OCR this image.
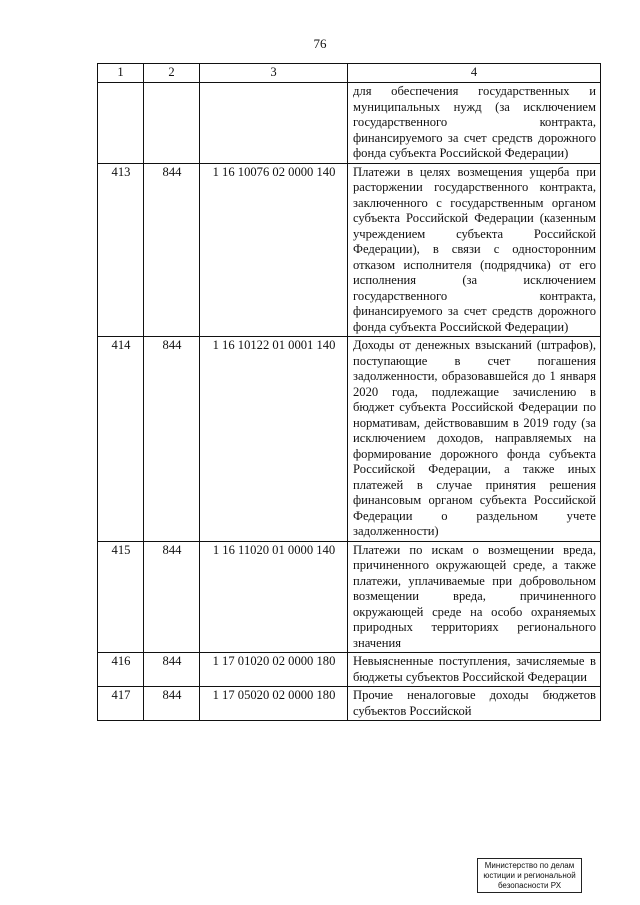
76
1	2	3	4
			для обеспечения государственных и муниципальных нужд (за исключением государственного контракта, финансируемого за счет средств дорожного фонда субъекта Российской Федерации)
413	844	1 16 10076 02 0000 140	Платежи в целях возмещения ущерба при расторжении государственного контракта, заключенного с государственным органом субъекта Российской Федерации (казенным учреждением субъекта Российской Федерации), в связи с односторонним отказом исполнителя (подрядчика) от его исполнения (за исключением государственного контракта, финансируемого за счет средств дорожного фонда субъекта Российской Федерации)
414	844	1 16 10122 01 0001 140	Доходы от денежных взысканий (штрафов), поступающие в счет погашения задолженности, образовавшейся до 1 января 2020 года, подлежащие зачислению в бюджет субъекта Российской Федерации по нормативам, действовавшим в 2019 году (за исключением доходов, направляемых на формирование дорожного фонда субъекта Российской Федерации, а также иных платежей в случае принятия решения финансовым органом субъекта Российской Федерации о раздельном учете задолженности)
415	844	1 16 11020 01 0000 140	Платежи по искам о возмещении вреда, причиненного окружающей среде, а также платежи, уплачиваемые при добровольном возмещении вреда, причиненного окружающей среде на особо охраняемых природных территориях регионального значения
416	844	1 17 01020 02 0000 180	Невыясненные поступления, зачисляемые в бюджеты субъектов Российской Федерации
417	844	1 17 05020 02 0000 180	Прочие неналоговые доходы бюджетов субъектов Российской
Министерство по делам
юстиции и региональной
безопасности РХ
